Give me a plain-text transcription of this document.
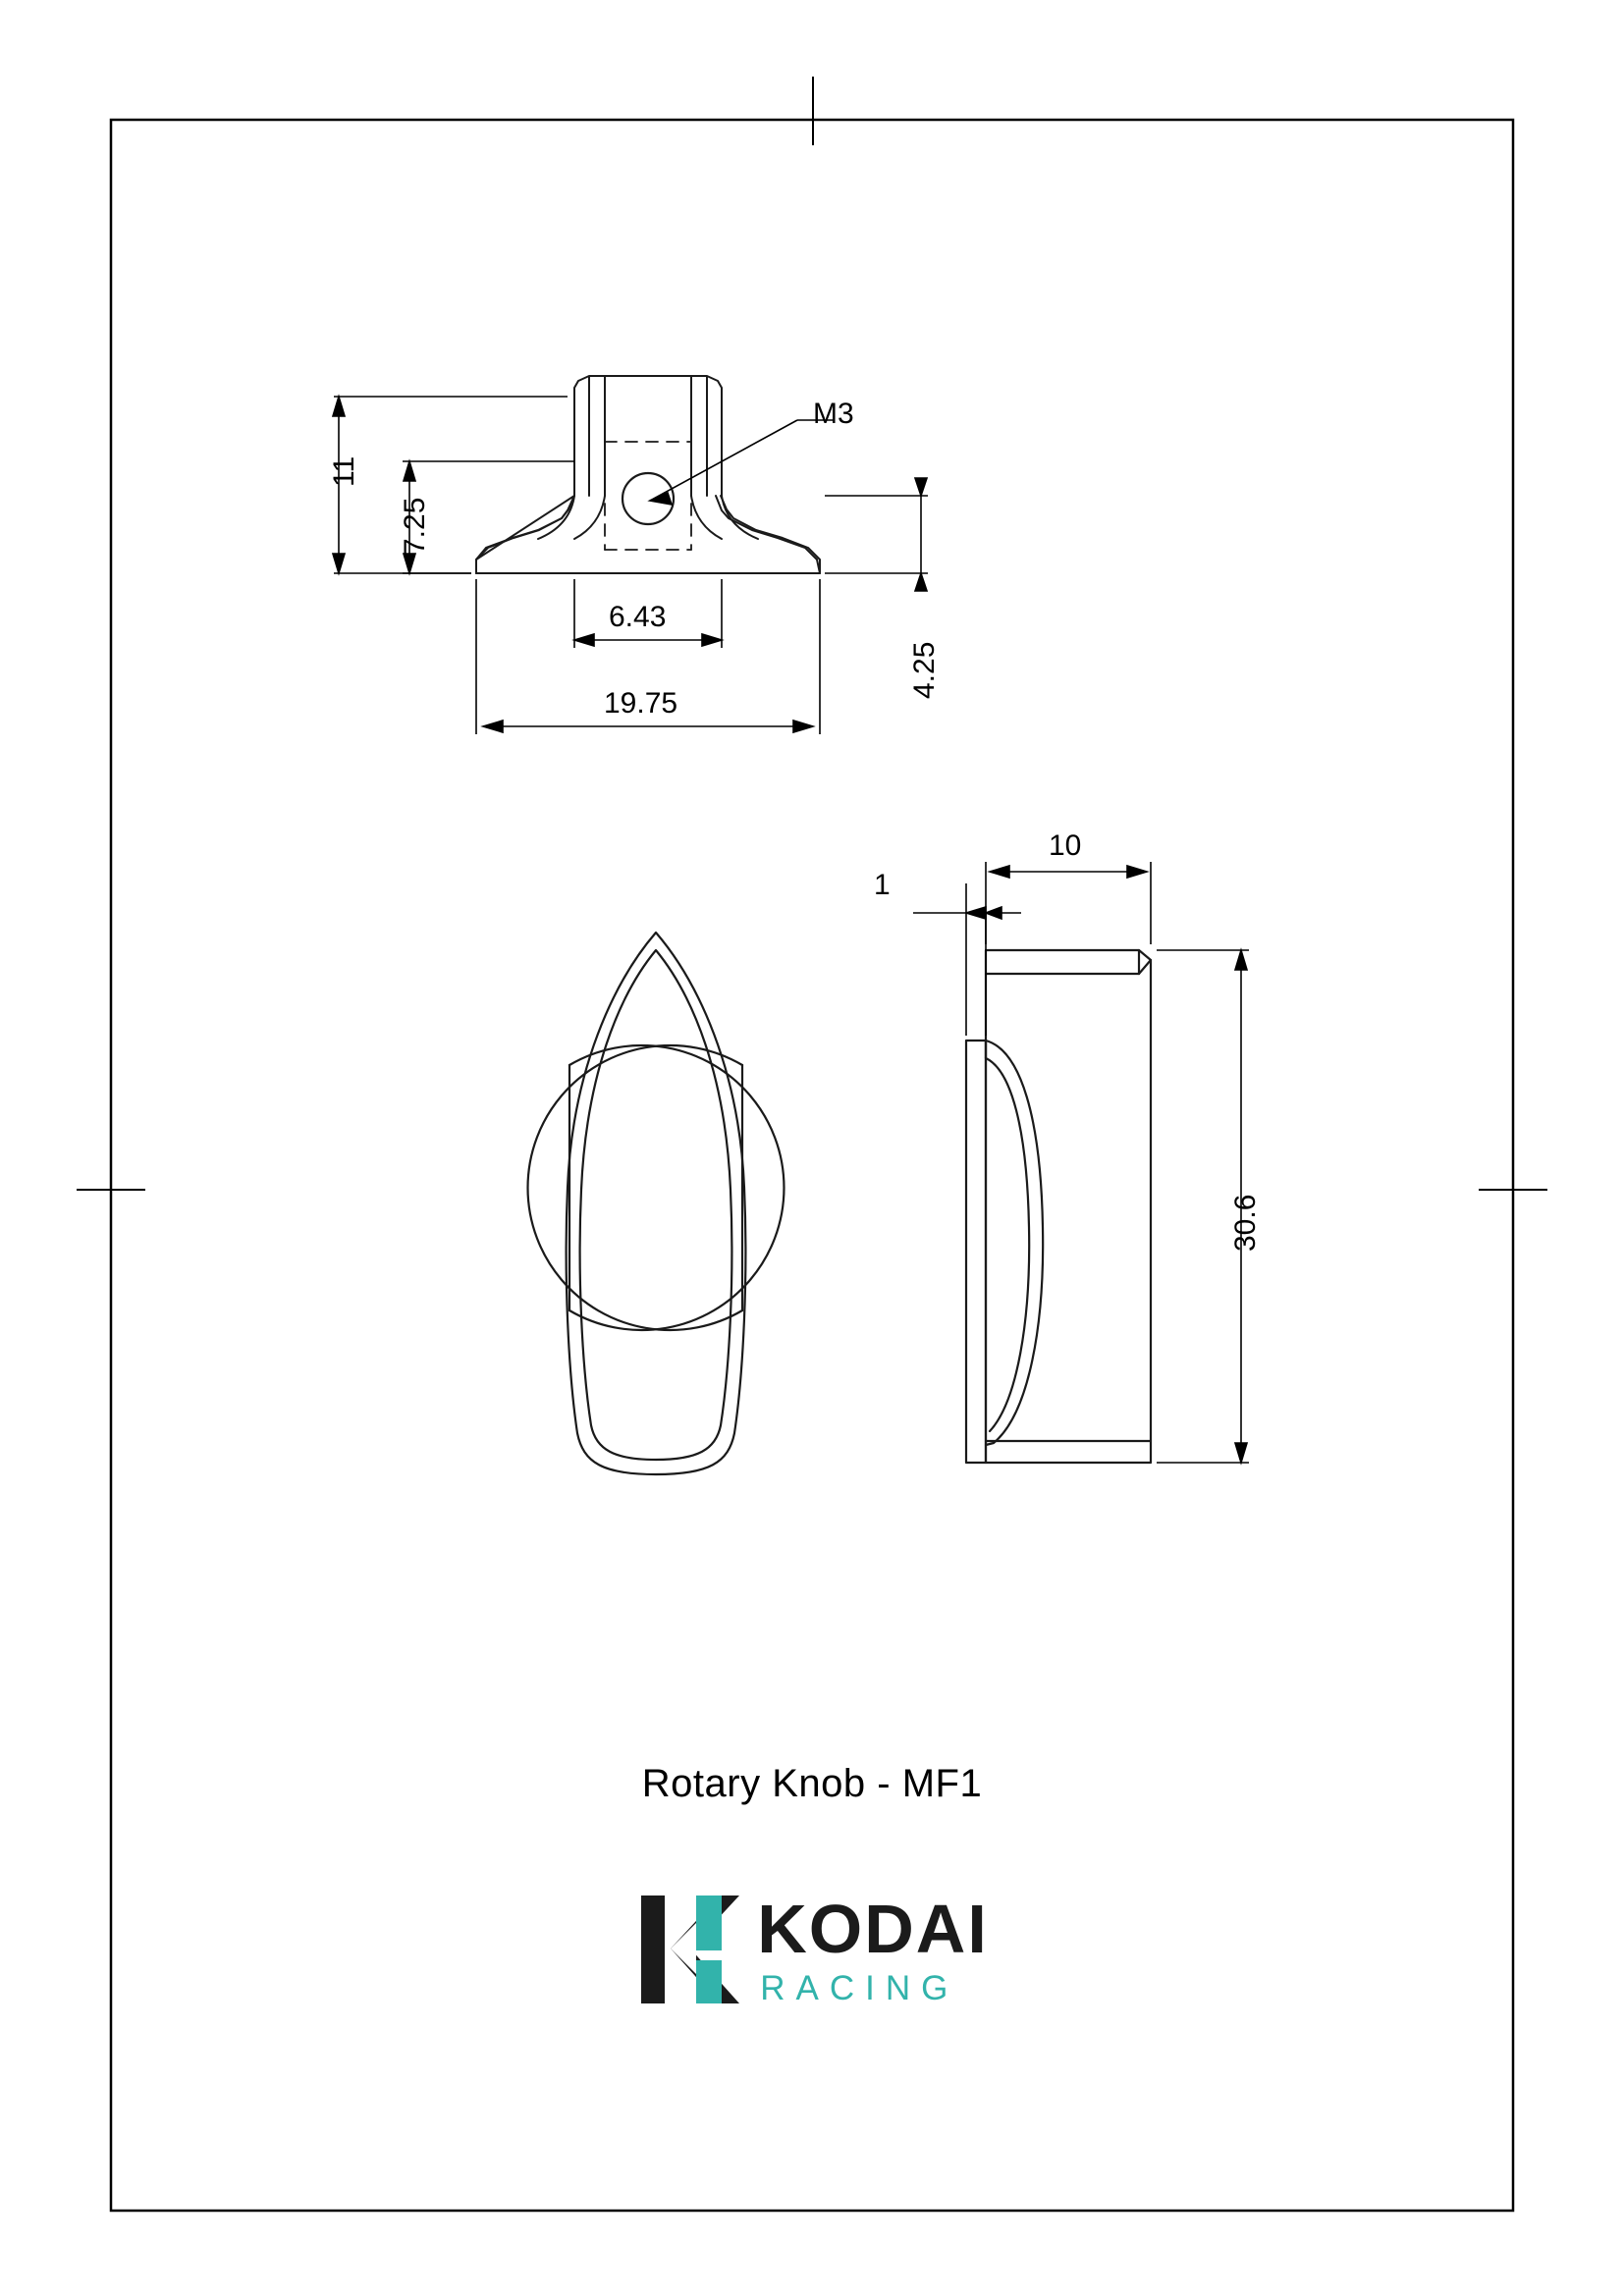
11
7.25
6.43
19.75
4.25
M3
10
1
30.6
Rotary Knob - MF1
KODAI
RACING
